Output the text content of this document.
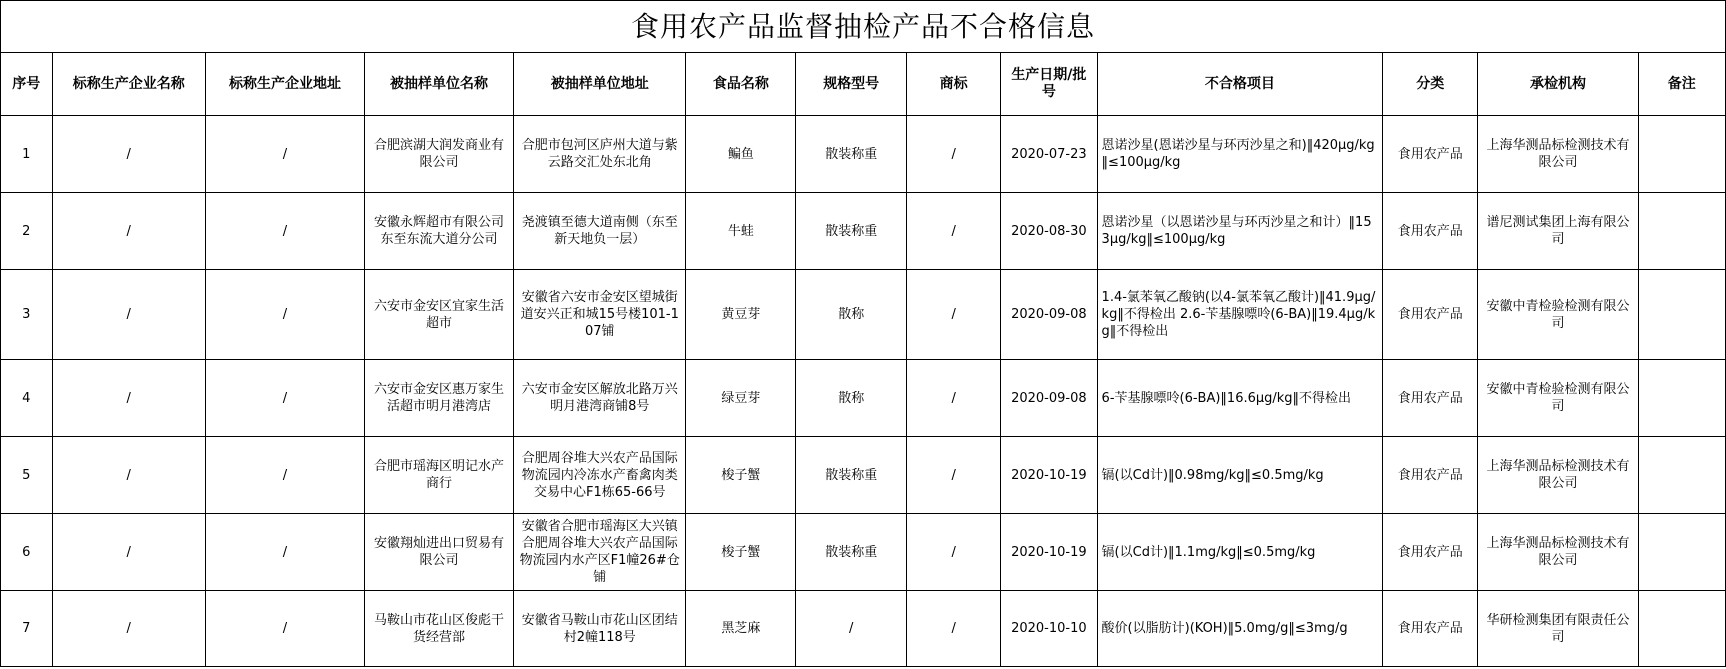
食用农产品监督抽检产品不合格信息
序号	标称生产企业名称	标称生产企业地址	被抽样单位名称	被抽样单位地址	食品名称	规格型号	商标	生产日期/批号	不合格项目	分类	承检机构	备注
1	/	/	合肥滨湖大润发商业有限公司	合肥市包河区庐州大道与紫云路交汇处东北角	鳊鱼	散装称重	/	2020-07-23	恩诺沙星(恩诺沙星与环丙沙星之和)‖420μg/kg‖≤100μg/kg	食用农产品	上海华测品标检测技术有限公司	
2	/	/	安徽永辉超市有限公司东至东流大道分公司	尧渡镇至德大道南侧（东至新天地负一层）	牛蛙	散装称重	/	2020-08-30	恩诺沙星（以恩诺沙星与环丙沙星之和计）‖153μg/kg‖≤100μg/kg	食用农产品	谱尼测试集团上海有限公司	
3	/	/	六安市金安区宜家生活超市	安徽省六安市金安区望城街道安兴正和城15号楼101-107铺	黄豆芽	散称	/	2020-09-08	1.4-氯苯氧乙酸钠(以4-氯苯氧乙酸计)‖41.9μg/kg‖不得检出 2.6-苄基腺嘌呤(6-BA)‖19.4μg/kg‖不得检出	食用农产品	安徽中青检验检测有限公司	
4	/	/	六安市金安区惠万家生活超市明月港湾店	六安市金安区解放北路万兴明月港湾商铺8号	绿豆芽	散称	/	2020-09-08	6-苄基腺嘌呤(6-BA)‖16.6μg/kg‖不得检出	食用农产品	安徽中青检验检测有限公司	
5	/	/	合肥市瑶海区明记水产商行	合肥周谷堆大兴农产品国际物流园内冷冻水产畜禽肉类交易中心F1栋65-66号	梭子蟹	散装称重	/	2020-10-19	镉(以Cd计)‖0.98mg/kg‖≤0.5mg/kg	食用农产品	上海华测品标检测技术有限公司	
6	/	/	安徽翔灿进出口贸易有限公司	安徽省合肥市瑶海区大兴镇合肥周谷堆大兴农产品国际物流园内水产区F1幢26#仓铺	梭子蟹	散装称重	/	2020-10-19	镉(以Cd计)‖1.1mg/kg‖≤0.5mg/kg	食用农产品	上海华测品标检测技术有限公司	
7	/	/	马鞍山市花山区俊彪干货经营部	安徽省马鞍山市花山区团结村2幢118号	黑芝麻	/	/	2020-10-10	酸价(以脂肪计)(KOH)‖5.0mg/g‖≤3mg/g	食用农产品	华研检测集团有限责任公司	
